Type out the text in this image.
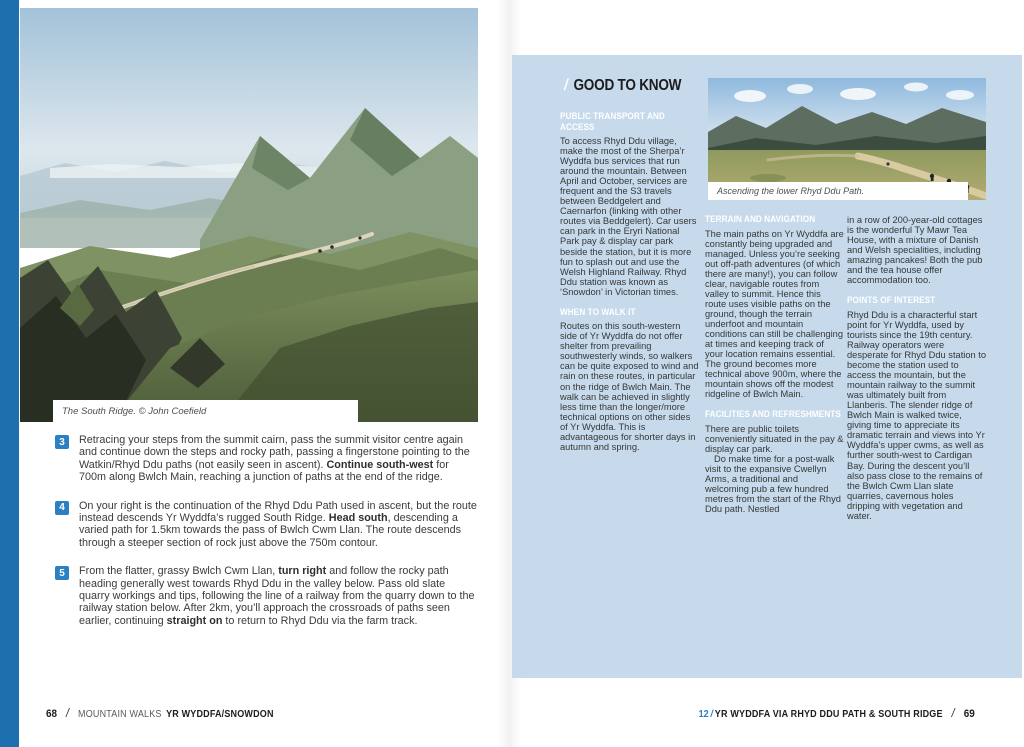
The South Ridge. © John Coefield
3	Retracing your steps from the summit cairn, pass the summit visitor centre again and continue down the steps and rocky path, passing a fingerstone pointing to the Watkin/Rhyd Ddu paths (not easily seen in ascent). Continue south-west for 700m along Bwlch Main, reaching a junction of paths at the end of the ridge.
4	On your right is the continuation of the Rhyd Ddu Path used in ascent, but the route instead descends Yr Wyddfa’s rugged South Ridge. Head south, descending a varied path for 1.5km towards the pass of Bwlch Cwm Llan. The route descends through a steeper section of rock just above the 750m contour.
5	From the flatter, grassy Bwlch Cwm Llan, turn right and follow the rocky path heading generally west towards Rhyd Ddu in the valley below. Pass old slate quarry workings and tips, following the line of a railway from the quarry down to the railway station below. After 2km, you’ll approach the crossroads of paths seen earlier, continuing straight on to return to Rhyd Ddu via the farm track.
68 / MOUNTAIN WALKS YR WYDDFA/SNOWDON
/ GOOD TO KNOW
PUBLIC TRANSPORT AND ACCESS

To access Rhyd Ddu village, make the most of the Sherpa’r Wyddfa bus services that run around the mountain. Between April and October, services are frequent and the S3 travels between Beddgelert and Caernarfon (linking with other routes via Beddgelert). Car users can park in the Eryri National Park pay & display car park beside the station, but it is more fun to splash out and use the Welsh Highland Railway. Rhyd Ddu station was known as ‘Snowdon’ in Victorian times.

WHEN TO WALK IT

Routes on this south-western side of Yr Wyddfa do not offer shelter from prevailing southwesterly winds, so walkers can be quite exposed to wind and rain on these routes, in particular on the ridge of Bwlch Main. The walk can be achieved in slightly less time than the longer/more technical options on other sides of Yr Wyddfa. This is advantageous for shorter days in autumn and spring.

TERRAIN AND NAVIGATION

The main paths on Yr Wyddfa are constantly being upgraded and managed. Unless you’re seeking out off-path adventures (of which there are many!), you can follow clear, navigable routes from valley to summit. Hence this route uses visible paths on the ground, though the terrain underfoot and mountain conditions can still be challenging at times and keeping track of your location remains essential. The ground becomes more technical above 900m, where the mountain shows off the modest ridgeline of Bwlch Main.

FACILITIES AND REFRESHMENTS

There are public toilets conveniently situated in the pay & display car park.

Do make time for a post-walk visit to the expansive Cwellyn Arms, a traditional and welcoming pub a few hundred metres from the start of the Rhyd Ddu path. Nestled

in a row of 200-year-old cottages is the wonderful Ty Mawr Tea House, with a mixture of Danish and Welsh specialities, including amazing pancakes! Both the pub and the tea house offer accommodation too.

POINTS OF INTEREST

Rhyd Ddu is a characterful start point for Yr Wyddfa, used by tourists since the 19th century. Railway operators were desperate for Rhyd Ddu station to become the station used to access the mountain, but the mountain railway to the summit was ultimately built from Llanberis. The slender ridge of Bwlch Main is walked twice, giving time to appreciate its dramatic terrain and views into Yr Wyddfa’s upper cwms, as well as further south-west to Cardigan Bay. During the descent you’ll also pass close to the remains of the Bwlch Cwm Llan slate quarries, cavernous holes dripping with vegetation and water.

Ascending the lower Rhyd Ddu Path.
12 / YR WYDDFA VIA RHYD DDU PATH & SOUTH RIDGE / 69
